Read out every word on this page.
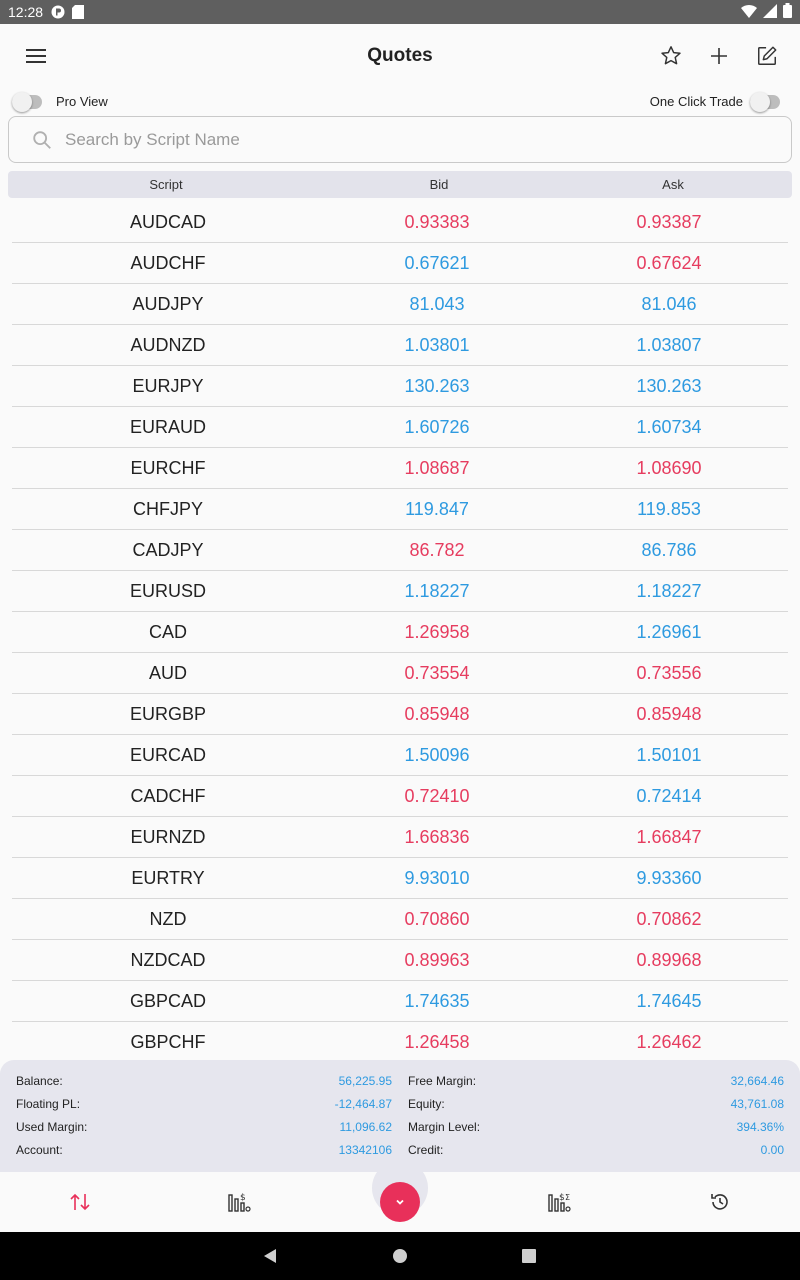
12:28
Quotes
Pro View	One Click Trade
Search by Script Name
Script	Bid	Ask
AUDCAD	0.93383	0.93387
AUDCHF	0.67621	0.67624
AUDJPY	81.043	81.046
AUDNZD	1.03801	1.03807
EURJPY	130.263	130.263
EURAUD	1.60726	1.60734
EURCHF	1.08687	1.08690
CHFJPY	119.847	119.853
CADJPY	86.782	86.786
EURUSD	1.18227	1.18227
CAD	1.26958	1.26961
AUD	0.73554	0.73556
EURGBP	0.85948	0.85948
EURCAD	1.50096	1.50101
CADCHF	0.72410	0.72414
EURNZD	1.66836	1.66847
EURTRY	9.93010	9.93360
NZD	0.70860	0.70862
NZDCAD	0.89963	0.89968
GBPCAD	1.74635	1.74645
GBPCHF	1.26458	1.26462
Balance:	56,225.95 Free Margin:	32,664.46
Floating PL:	-12,464.87 Equity:	43,761.08
Used Margin:	11,096.62 Margin Level:	394.36%
Account:	13342106 Credit:	0.00
$	$ Σ
